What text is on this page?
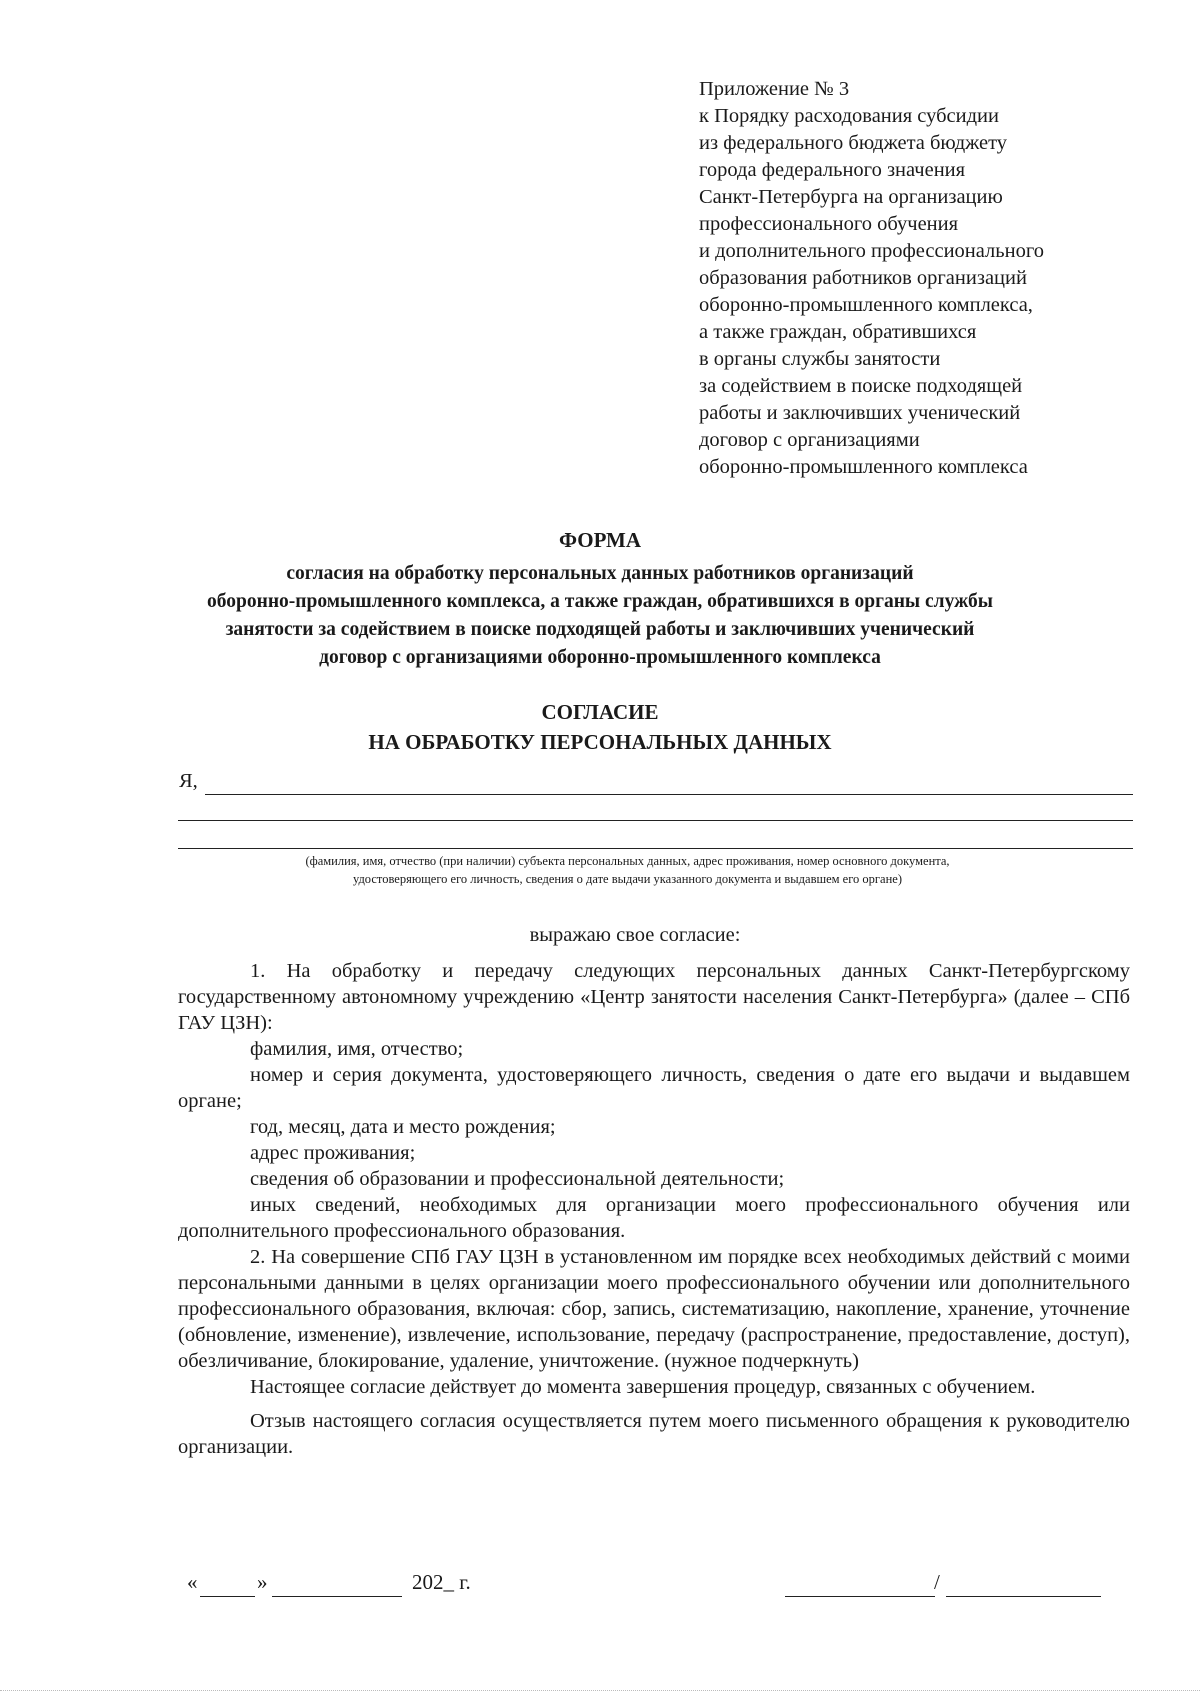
Приложение № 3
к Порядку расходования субсидии
из федерального бюджета бюджету
города федерального значения
Санкт-Петербурга на организацию
профессионального обучения
и дополнительного профессионального
образования работников организаций
оборонно-промышленного комплекса,
а также граждан, обратившихся
в органы службы занятости
за содействием в поиске подходящей
работы и заключивших ученический
договор с организациями
оборонно-промышленного комплекса
ФОРМА
согласия на обработку персональных данных работников организаций
оборонно-промышленного комплекса, а также граждан, обратившихся в органы службы
занятости за содействием в поиске подходящей работы и заключивших ученический
договор с организациями оборонно-промышленного комплекса
СОГЛАСИЕ
НА ОБРАБОТКУ ПЕРСОНАЛЬНЫХ ДАННЫХ
Я,
(фамилия, имя, отчество (при наличии) субъекта персональных данных, адрес проживания, номер основного документа,
удостоверяющего его личность, сведения о дате выдачи указанного документа и выдавшем его органе)
выражаю свое согласие:

1. На обработку и передачу следующих персональных данных Санкт-Петербургскому государственному автономному учреждению «Центр занятости населения Санкт-Петербурга» (далее – СПб ГАУ ЦЗН):

фамилия, имя, отчество;

номер и серия документа, удостоверяющего личность, сведения о дате его выдачи и выдавшем органе;

год, месяц, дата и место рождения;

адрес проживания;

сведения об образовании и профессиональной деятельности;

иных сведений, необходимых для организации моего профессионального обучения или дополнительного профессионального образования.

2. На совершение СПб ГАУ ЦЗН в установленном им порядке всех необходимых действий с моими персональными данными в целях организации моего профессионального обучении или дополнительного профессионального образования, включая: сбор, запись, систематизацию, накопление, хранение, уточнение (обновление, изменение), извлечение, использование, передачу (распространение, предоставление, доступ), обезличивание, блокирование, удаление, уничтожение. (нужное подчеркнуть)

Настоящее согласие действует до момента завершения процедур, связанных с обучением.

Отзыв настоящего согласия осуществляется путем моего письменного обращения к руководителю организации.

«	»	202_ г.	/
